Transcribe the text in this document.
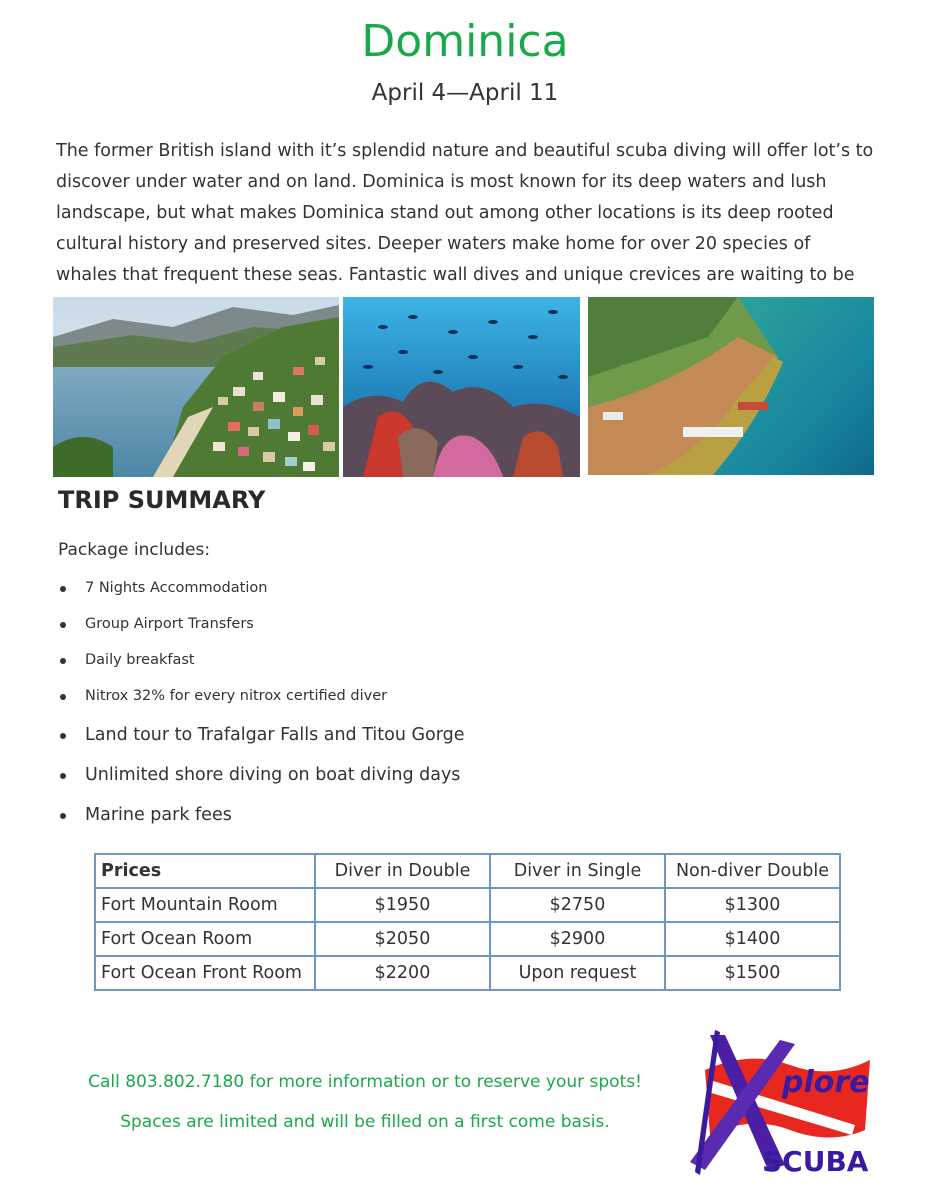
Dominica
April 4—April 11
The former British island with it’s splendid nature and beautiful scuba diving will offer lot’s to discover under water and on land. Dominica is most known for its deep waters and lush landscape, but what makes Dominica stand out among other locations is its deep rooted cultural history and preserved sites. Deeper waters make home for over 20 species of whales that frequent these seas. Fantastic wall dives and unique crevices are waiting to be
TRIP SUMMARY
Package includes:
7 Nights Accommodation
Group Airport Transfers
Daily breakfast
Nitrox 32% for every nitrox certified diver
Land tour to Trafalgar Falls and Titou Gorge
Unlimited shore diving on boat diving days
Marine park fees
Prices	Diver in Double	Diver in Single	Non-diver Double
Fort Mountain Room	$1950	$2750	$1300
Fort Ocean Room	$2050	$2900	$1400
Fort Ocean Front Room	$2200	Upon request	$1500
Call 803.802.7180 for more information or to reserve your spots!
Spaces are limited and will be filled on a first come basis.
plore
SCUBA
